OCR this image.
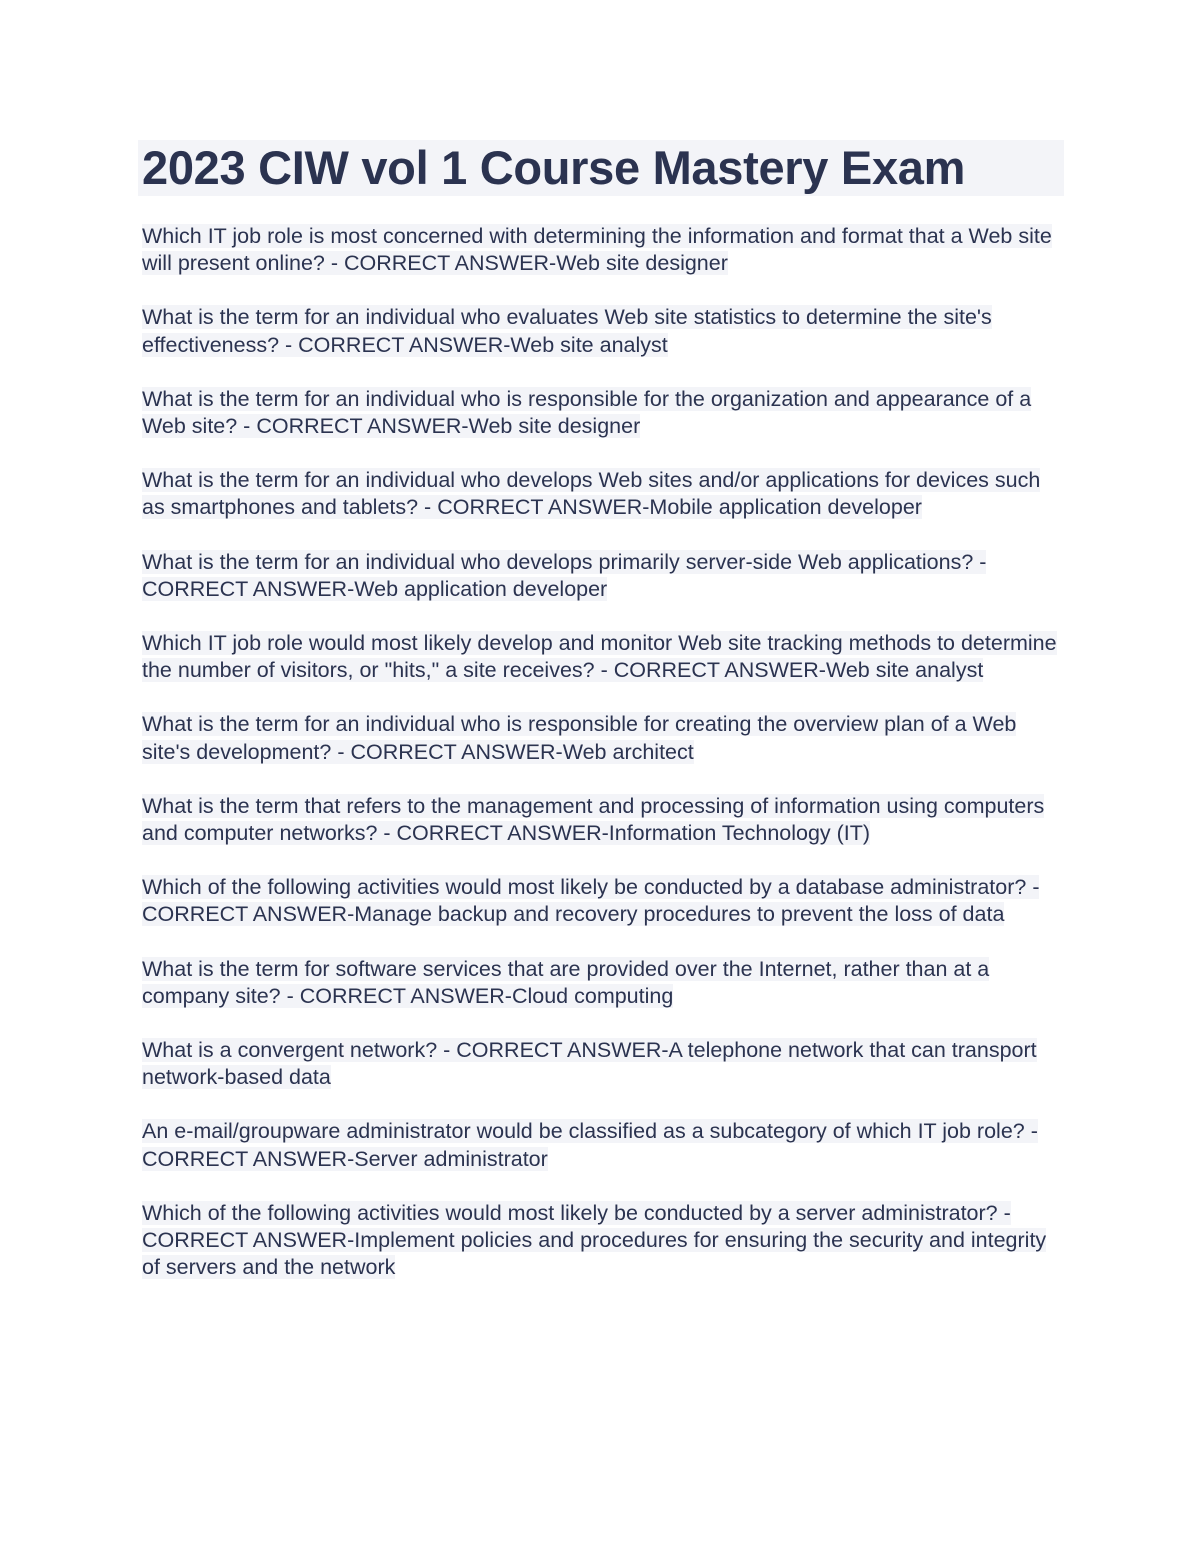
2023 CIW vol 1 Course Mastery Exam
Which IT job role is most concerned with determining the information and format that a Web site will present online? - CORRECT ANSWER-Web site designer
What is the term for an individual who evaluates Web site statistics to determine the site's effectiveness? - CORRECT ANSWER-Web site analyst
What is the term for an individual who is responsible for the organization and appearance of a Web site? - CORRECT ANSWER-Web site designer
What is the term for an individual who develops Web sites and/or applications for devices such as smartphones and tablets? - CORRECT ANSWER-Mobile application developer
What is the term for an individual who develops primarily server-side Web applications? - CORRECT ANSWER-Web application developer
Which IT job role would most likely develop and monitor Web site tracking methods to determine the number of visitors, or "hits," a site receives? - CORRECT ANSWER-Web site analyst
What is the term for an individual who is responsible for creating the overview plan of a Web site's development? - CORRECT ANSWER-Web architect
What is the term that refers to the management and processing of information using computers and computer networks? - CORRECT ANSWER-Information Technology (IT)
Which of the following activities would most likely be conducted by a database administrator? - CORRECT ANSWER-Manage backup and recovery procedures to prevent the loss of data
What is the term for software services that are provided over the Internet, rather than at a company site? - CORRECT ANSWER-Cloud computing
What is a convergent network? - CORRECT ANSWER-A telephone network that can transport network-based data
An e-mail/groupware administrator would be classified as a subcategory of which IT job role? - CORRECT ANSWER-Server administrator
Which of the following activities would most likely be conducted by a server administrator? - CORRECT ANSWER-Implement policies and procedures for ensuring the security and integrity of servers and the network
